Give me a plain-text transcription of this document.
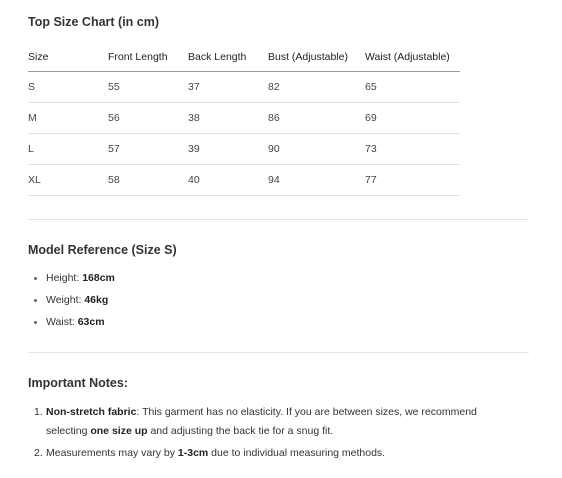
Top Size Chart (in cm)
Size	Front Length	Back Length	Bust (Adjustable)	Waist (Adjustable)
S	55	37	82	65
M	56	38	86	69
L	57	39	90	73
XL	58	40	94	77
Model Reference (Size S)
Height: 168cm
Weight: 46kg
Waist: 63cm
Important Notes:
1. Non-stretch fabric: This garment has no elasticity. If you are between sizes, we recommend selecting one size up and adjusting the back tie for a snug fit.
2. Measurements may vary by 1-3cm due to individual measuring methods.
